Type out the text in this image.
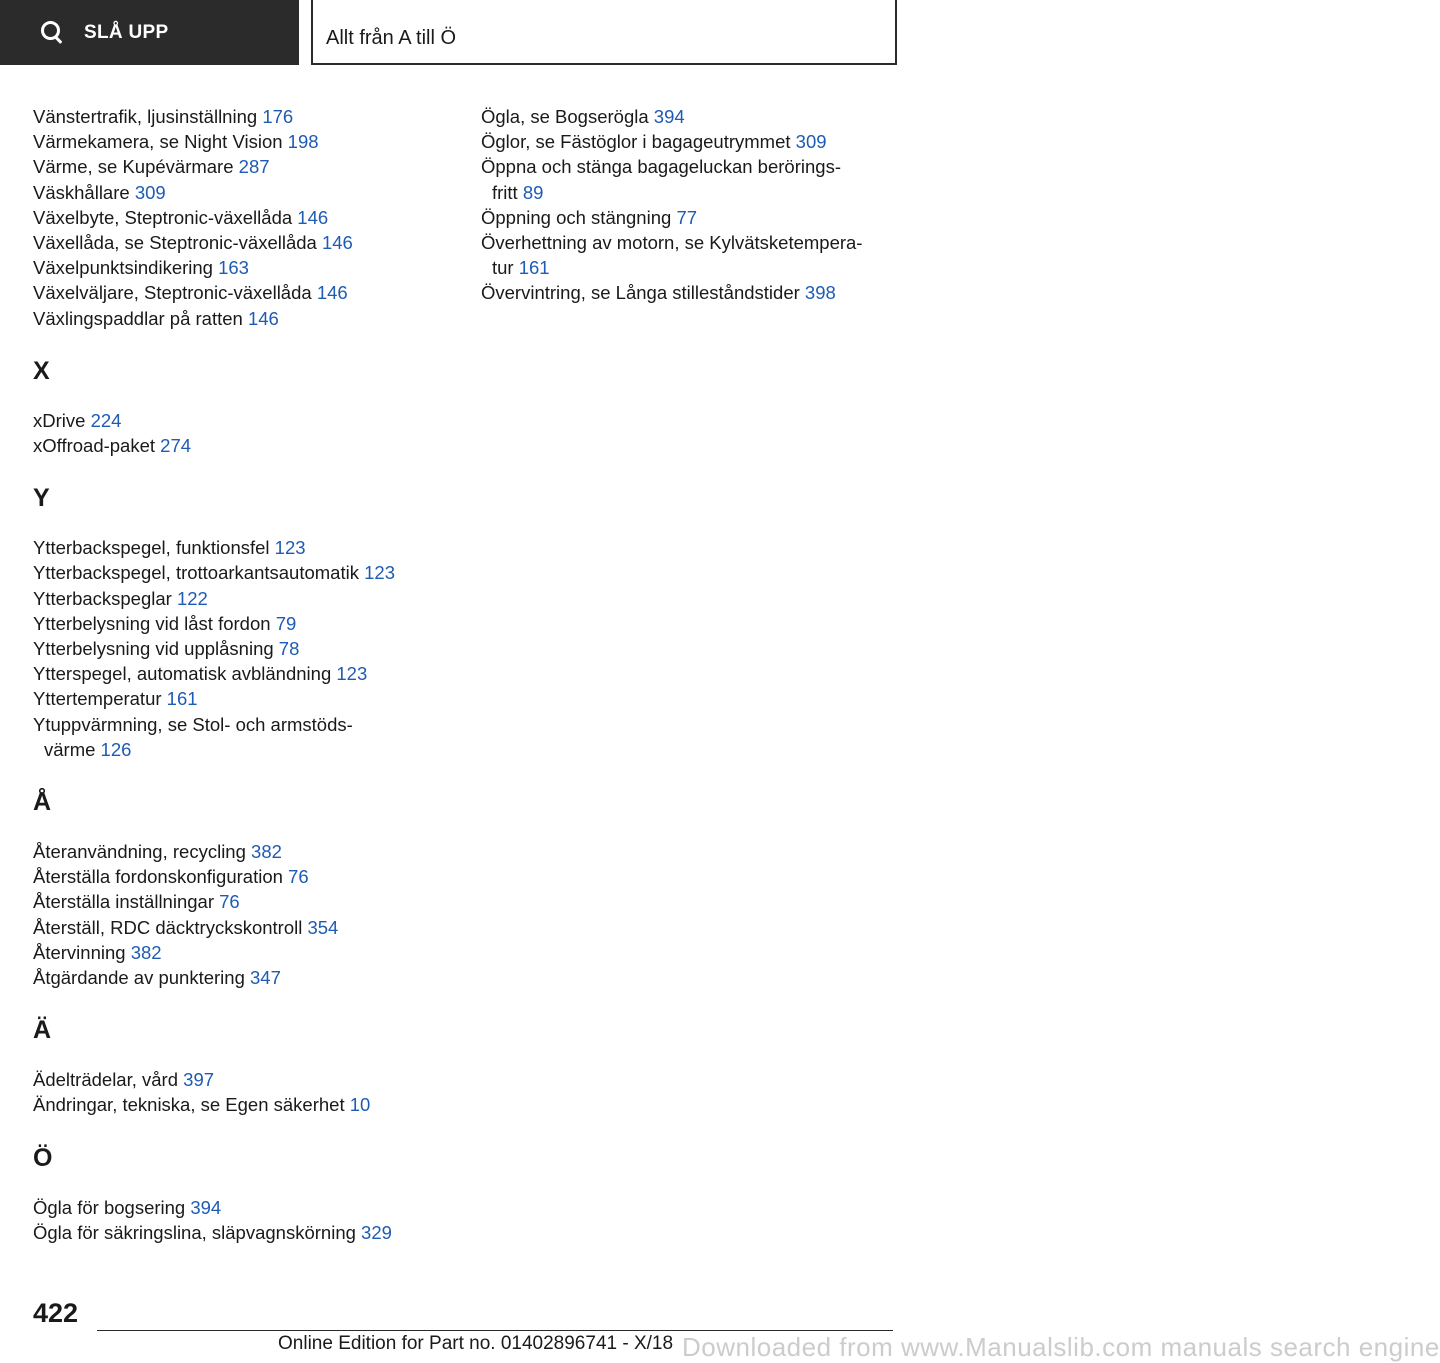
SLÅ UPP	Allt från A till Ö
Vänstertrafik, ljusinställning 176
Värmekamera, se Night Vision 198
Värme, se Kupévärmare 287
Väskhållare 309
Växelbyte, Steptronic-växellåda 146
Växellåda, se Steptronic-växellåda 146
Växelpunktsindikering 163
Växelväljare, Steptronic-växellåda 146
Växlingspaddlar på ratten 146
X
xDrive 224
xOffroad-paket 274
Y
Ytterbackspegel, funktionsfel 123
Ytterbackspegel, trottoarkantsautomatik 123
Ytterbackspeglar 122
Ytterbelysning vid låst fordon 79
Ytterbelysning vid upplåsning 78
Ytterspegel, automatisk avbländning 123
Yttertemperatur 161
Ytuppvärmning, se Stol- och armstöds-
värme 126
Å
Återanvändning, recycling 382
Återställa fordonskonfiguration 76
Återställa inställningar 76
Återställ, RDC däcktryckskontroll 354
Återvinning 382
Åtgärdande av punktering 347
Ä
Ädelträdelar, vård 397
Ändringar, tekniska, se Egen säkerhet 10
Ö
Ögla för bogsering 394
Ögla för säkringslina, släpvagnskörning 329
Ögla, se Bogserögla 394
Öglor, se Fästöglor i bagageutrymmet 309
Öppna och stänga bagageluckan berörings-
fritt 89
Öppning och stängning 77
Överhettning av motorn, se Kylvätsketempera-
tur 161
Övervintring, se Långa stilleståndstider 398
422
Online Edition for Part no. 01402896741 - X/18 Downloaded from www.Manualslib.com manuals search engine
